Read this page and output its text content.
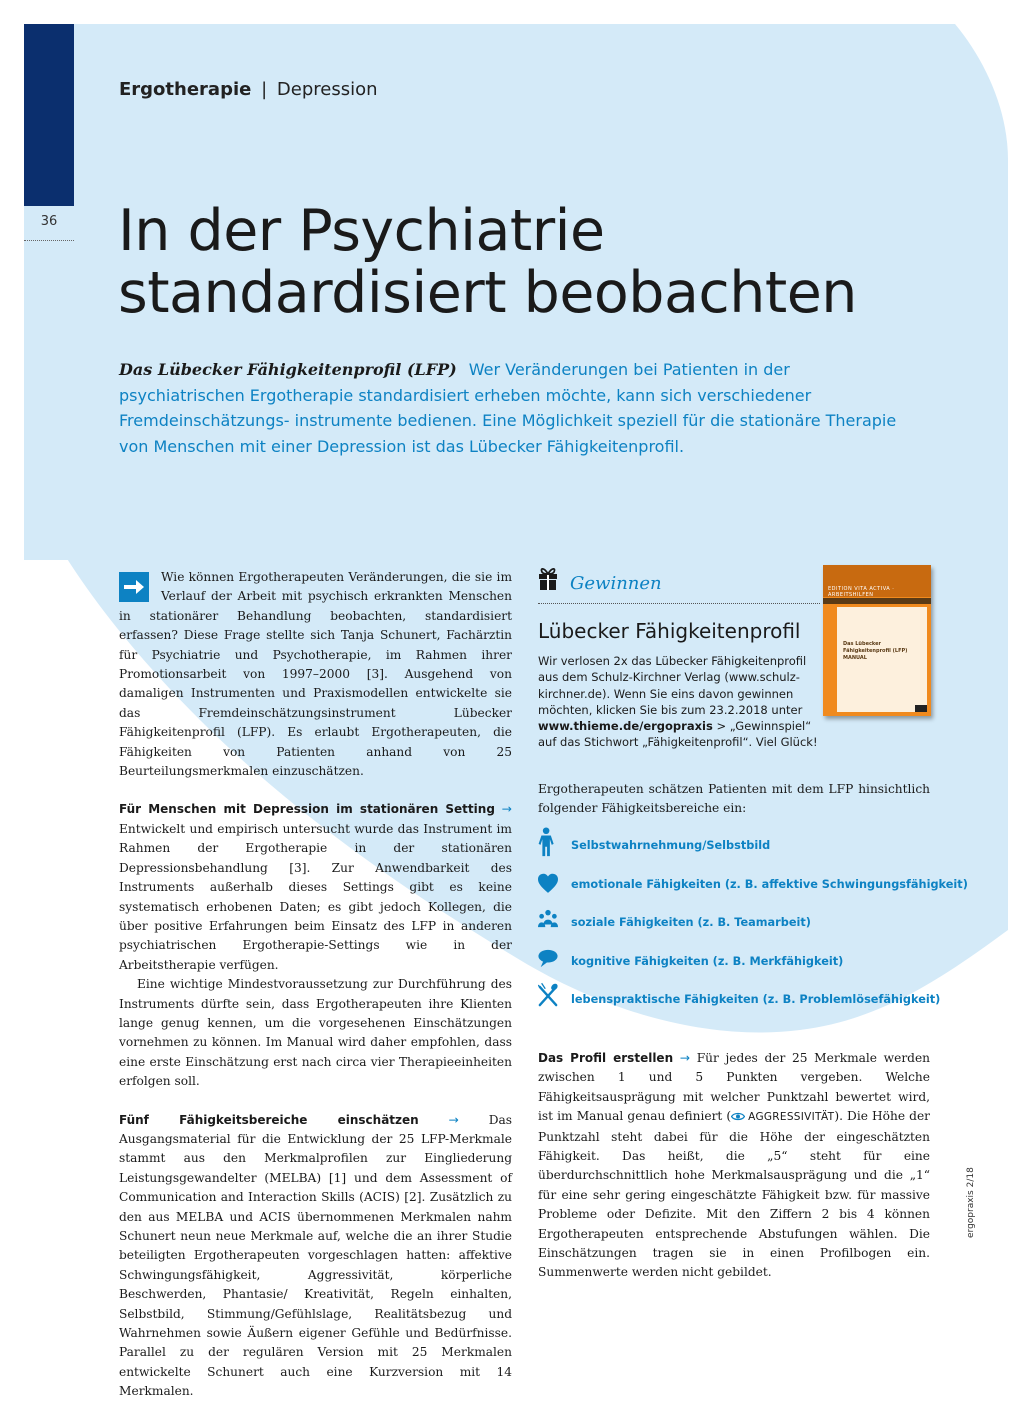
36
Ergotherapie | Depression
In der Psychiatrie
standardisiert beobachten
Das Lübecker Fähigkeitenprofil (LFP) Wer Veränderungen bei Patienten in der psychiatrischen Ergotherapie standardisiert erheben möchte, kann sich verschiedener Fremdeinschätzungs- instrumente bedienen. Eine Möglichkeit speziell für die stationäre Therapie von Menschen mit einer Depression ist das Lübecker Fähigkeitenprofil.

Wie können Ergotherapeuten Veränderungen, die sie im Verlauf der Arbeit mit psychisch erkrankten Menschen in stationärer Behandlung beobachten, standardisiert erfassen? Diese Frage stellte sich Tanja Schunert, Fachärztin für Psychiatrie und Psychotherapie, im Rahmen ihrer Promotionsarbeit von 1997–2000 [3]. Ausgehend von damaligen Instrumenten und Praxismodellen entwickelte sie das Fremdeinschätzungsinstrument Lübecker Fähigkeitenprofil (LFP). Es erlaubt Ergotherapeuten, die Fähigkeiten von Patienten anhand von 25 Beurteilungsmerkmalen einzuschätzen.

Für Menschen mit Depression im stationären Setting → Entwickelt und empirisch untersucht wurde das Instrument im Rahmen der Ergotherapie in der stationären Depressionsbehandlung [3]. Zur Anwendbarkeit des Instruments außerhalb dieses Settings gibt es keine systematisch erhobenen Daten; es gibt jedoch Kollegen, die über positive Erfahrungen beim Einsatz des LFP in anderen psychiatrischen Ergotherapie-Settings wie in der Arbeitstherapie verfügen.

Eine wichtige Mindestvoraussetzung zur Durchführung des Instruments dürfte sein, dass Ergotherapeuten ihre Klienten lange genug kennen, um die vorgesehenen Einschätzungen vornehmen zu können. Im Manual wird daher empfohlen, dass eine erste Einschätzung erst nach circa vier Therapieeinheiten erfolgen soll.

Fünf Fähigkeitsbereiche einschätzen → Das Ausgangsmaterial für die Entwicklung der 25 LFP-Merkmale stammt aus den Merkmalprofilen zur Eingliederung Leistungsgewandelter (MELBA) [1] und dem Assessment of Communication and Interaction Skills (ACIS) [2]. Zusätzlich zu den aus MELBA und ACIS übernommenen Merkmalen nahm Schunert neun neue Merkmale auf, welche die an ihrer Studie beteiligten Ergotherapeuten vorgeschlagen hatten: affektive Schwingungsfähigkeit, Aggressivität, körperliche Beschwerden, Phantasie/ Kreativität, Regeln einhalten, Selbstbild, Stimmung/Gefühlslage, Realitätsbezug und Wahrnehmen sowie Äußern eigener Gefühle und Bedürfnisse. Parallel zu der regulären Version mit 25 Merkmalen entwickelte Schunert auch eine Kurzversion mit 14 Merkmalen.

Gewinnen	EDITION VITA ACTIVA · ARBEITSHILFEN
Das Lübecker Fähigkeitenprofil (LFP) MANUAL
Lübecker Fähigkeitenprofil
Wir verlosen 2x das Lübecker Fähigkeitenprofil aus dem Schulz-Kirchner Verlag (www.schulz-kirchner.de). Wenn Sie eins davon gewinnen möchten, klicken Sie bis zum 23.2.2018 unter www.thieme.de/ergopraxis > „Gewinnspiel“ auf das Stichwort „Fähigkeitenprofil“. Viel Glück!

Ergotherapeuten schätzen Patienten mit dem LFP hinsichtlich folgender Fähigkeitsbereiche ein:

Selbstwahrnehmung/Selbstbild
emotionale Fähigkeiten (z. B. affektive Schwingungsfähigkeit)
soziale Fähigkeiten (z. B. Teamarbeit)
kognitive Fähigkeiten (z. B. Merkfähigkeit)
lebenspraktische Fähigkeiten (z. B. Problemlösefähigkeit)

Das Profil erstellen → Für jedes der 25 Merkmale werden zwischen 1 und 5 Punkten vergeben. Welche Fähigkeitsausprägung mit welcher Punktzahl bewertet wird, ist im Manual genau definiert ( AGGRESSIVITÄT). Die Höhe der Punktzahl steht dabei für die Höhe der eingeschätzten Fähigkeit. Das heißt, die „5“ steht für eine überdurchschnittlich hohe Merkmalsausprägung und die „1“ für eine sehr gering eingeschätzte Fähigkeit bzw. für massive Probleme oder Defizite. Mit den Ziffern 2 bis 4 können Ergotherapeuten entsprechende Abstufungen wählen. Die Einschätzungen tragen sie in einen Profilbogen ein. Summenwerte werden nicht gebildet.

ergopraxis 2/18
